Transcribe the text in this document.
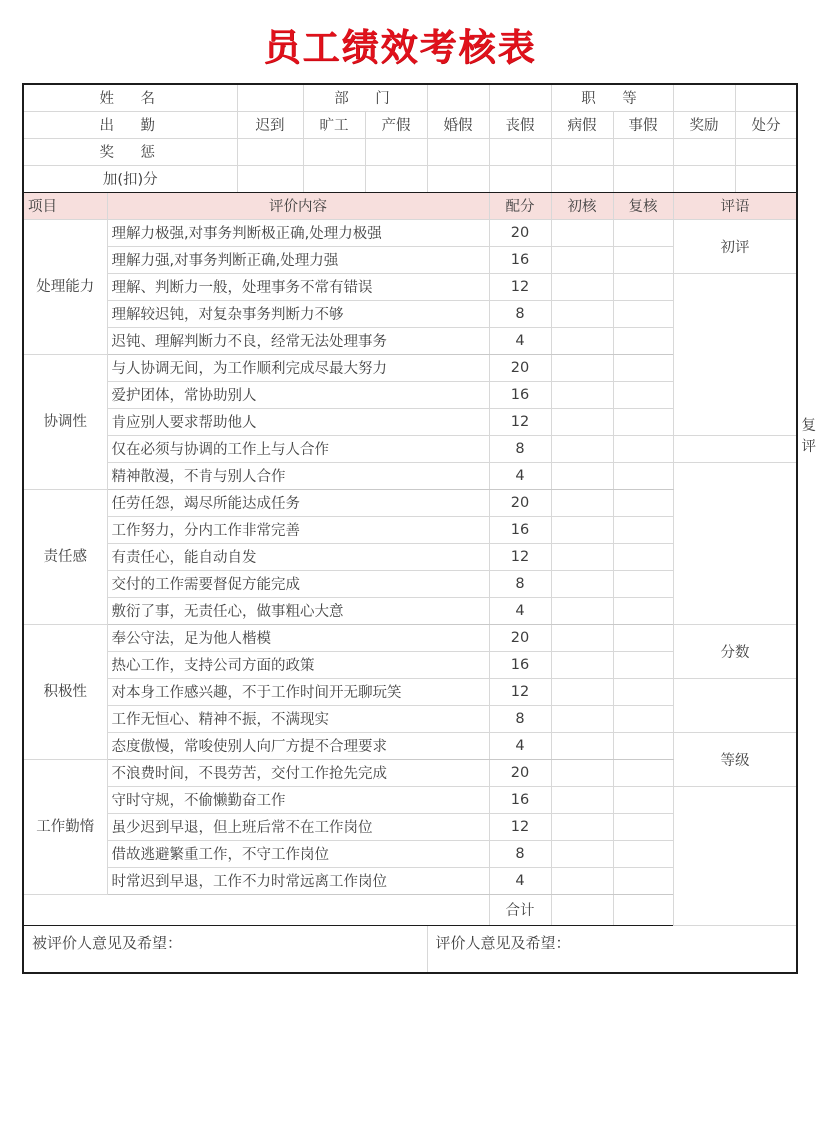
员工绩效考核表
姓　名			部　门				职　等				
出　勤		迟到	旷工	产假	婚假	丧假	病假	事假	奖励	处分	
奖　惩											
加(扣)分											
项目	评价内容					配分	初核	复核	评语		
处理能力	理解力极强,对事务判断极正确,处理力极强					20			初评		
	理解力强,对事务判断正确,处理力强					16					
	理解、判断力一般，处理事务不常有错误					12					
	理解较迟钝，对复杂事务判断力不够					8					
	迟钝、理解判断力不良，经常无法处理事务					4					
协调性	与人协调无间，为工作顺利完成尽最大努力					20					
	爱护团体，常协助别人					16					
	肯应别人要求帮助他人					12					复评
	仅在必须与协调的工作上与人合作					8					
	精神散漫，不肯与别人合作					4					
责任感	任劳任怨，竭尽所能达成任务					20					
	工作努力，分内工作非常完善					16					
	有责任心，能自动自发					12					
	交付的工作需要督促方能完成					8					
	敷衍了事，无责任心，做事粗心大意					4					
积极性	奉公守法，足为他人楷模					20			分数		
	热心工作，支持公司方面的政策					16					
	对本身工作感兴趣，不于工作时间开无聊玩笑					12					
	工作无恒心、精神不振，不满现实					8					
	态度傲慢，常唆使别人向厂方提不合理要求					4			等级		
工作勤惰	不浪费时间，不畏劳苦，交付工作抢先完成					20					
	守时守规，不偷懒勤奋工作					16					
	虽少迟到早退，但上班后常不在工作岗位					12					
	借故逃避繁重工作，不守工作岗位					8					
	时常迟到早退，工作不力时常远离工作岗位					4					
						合计					
被评价人意见及希望：					评价人意见及希望：						
